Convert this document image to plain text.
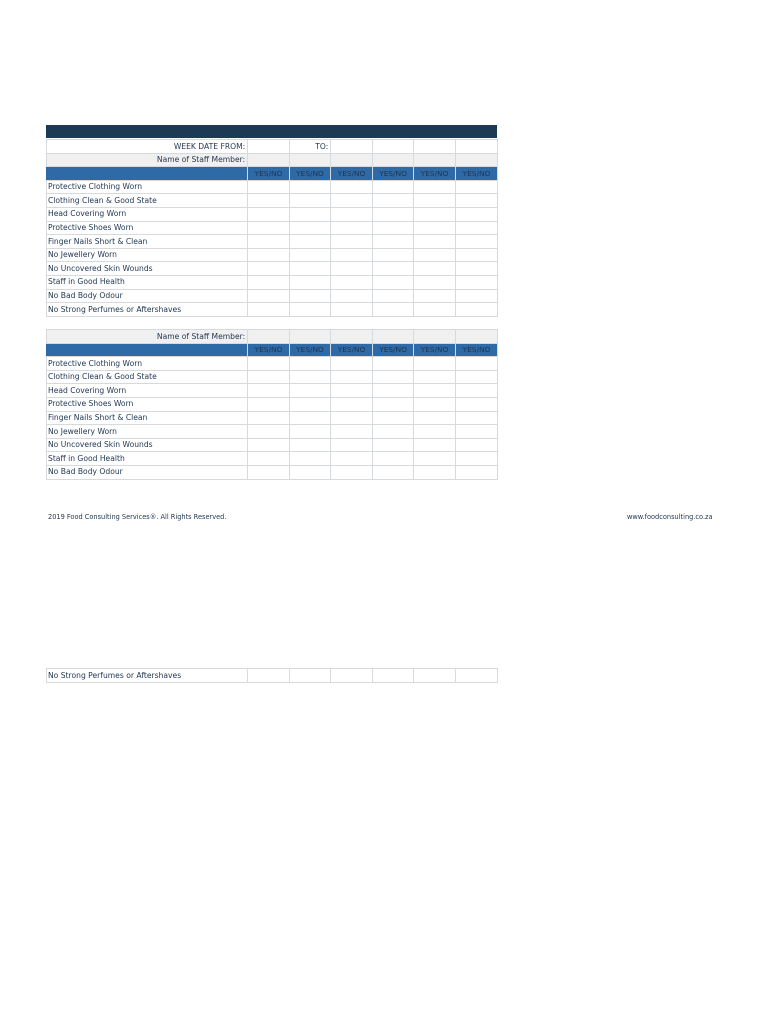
WEEK DATE FROM:		TO:				
Name of Staff Member:						
	YES/NO	YES/NO	YES/NO	YES/NO	YES/NO	YES/NO
Protective Clothing Worn						
Clothing Clean & Good State						
Head Covering Worn						
Protective Shoes Worn						
Finger Nails Short & Clean						
No Jewellery Worn						
No Uncovered Skin Wounds						
Staff in Good Health						
No Bad Body Odour						
No Strong Perfumes or Aftershaves						
Name of Staff Member:						
	YES/NO	YES/NO	YES/NO	YES/NO	YES/NO	YES/NO
Protective Clothing Worn						
Clothing Clean & Good State						
Head Covering Worn						
Protective Shoes Worn						
Finger Nails Short & Clean						
No Jewellery Worn						
No Uncovered Skin Wounds						
Staff in Good Health						
No Bad Body Odour						
2019 Food Consulting Services®. All Rights Reserved.	www.foodconsulting.co.za
No Strong Perfumes or Aftershaves						
